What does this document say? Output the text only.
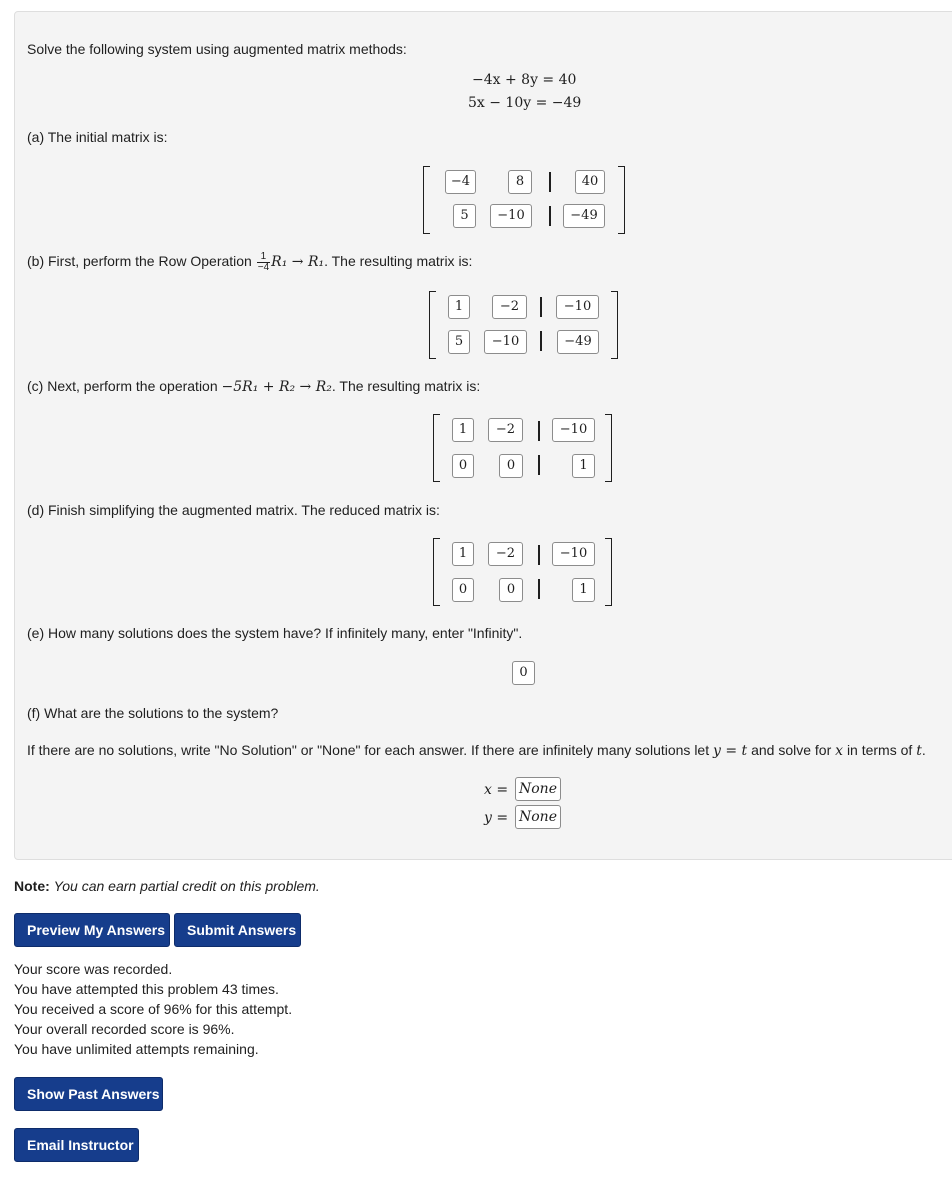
Solve the following system using augmented matrix methods:
−4x + 8y = 40
5x − 10y = −49
(a) The initial matrix is:
−4	8	40
5	−10	−49
(b) First, perform the Row Operation $\frac{1}{-4} R_1 \to R_1$. The resulting matrix is:
1	−2	−10
5	−10	−49
(c) Next, perform the operation −5R₁ + R₂ → R₂. The resulting matrix is:
1	−2	−10
0	0	1
(d) Finish simplifying the augmented matrix. The reduced matrix is:
1	−2	−10
0	0	1
(e) How many solutions does the system have? If infinitely many, enter "Infinity".
0
(f) What are the solutions to the system?
If there are no solutions, write "No Solution" or "None" for each answer. If there are infinitely many solutions let y = t and solve for x in terms of t.
x = None
y = None
Note: You can earn partial credit on this problem.
Preview My Answers	Submit Answers
Your score was recorded.
You have attempted this problem 43 times.
You received a score of 96% for this attempt.
Your overall recorded score is 96%.
You have unlimited attempts remaining.
Show Past Answers
Email Instructor
